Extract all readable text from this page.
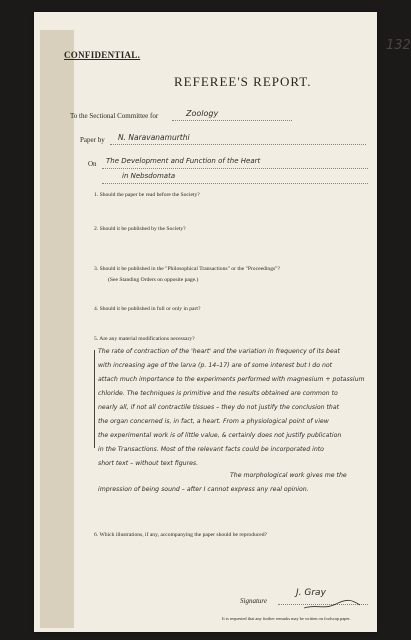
CONFIDENTIAL.
132
REFEREE'S REPORT.
To the Sectional Committee for	Zoology
Paper by N. Naravanamurthi
On The Development and Function of the Heart
in Nebsdomata
1. Should the paper be read before the Society?
2. Should it be published by the Society?
3. Should it be published in the "Philosophical Transactions" or the "Proceedings"?
(See Standing Orders on opposite page.)
4. Should it be published in full or only in part?
5. Are any material modifications necessary?
The rate of contraction of the 'heart' and the variation in frequency of its beat
with increasing age of the larva (p. 14–17) are of some interest but I do not
attach much importance to the experiments performed with magnesium + potassium
chloride. The techniques is primitive and the results obtained are common to
nearly all, if not all contractile tissues – they do not justify the conclusion that
the organ concerned is, in fact, a heart. From a physiological point of view
the experimental work is of little value, & certainly does not justify publication
in the Transactions. Most of the relevant facts could be incorporated into
short text – without text figures.
The morphological work gives me the
impression of being sound – after I cannot express any real opinion.
6. Which illustrations, if any, accompanying the paper should be reproduced?
Signature
J. Gray
It is requested that any further remarks may be written on foolscap paper.
